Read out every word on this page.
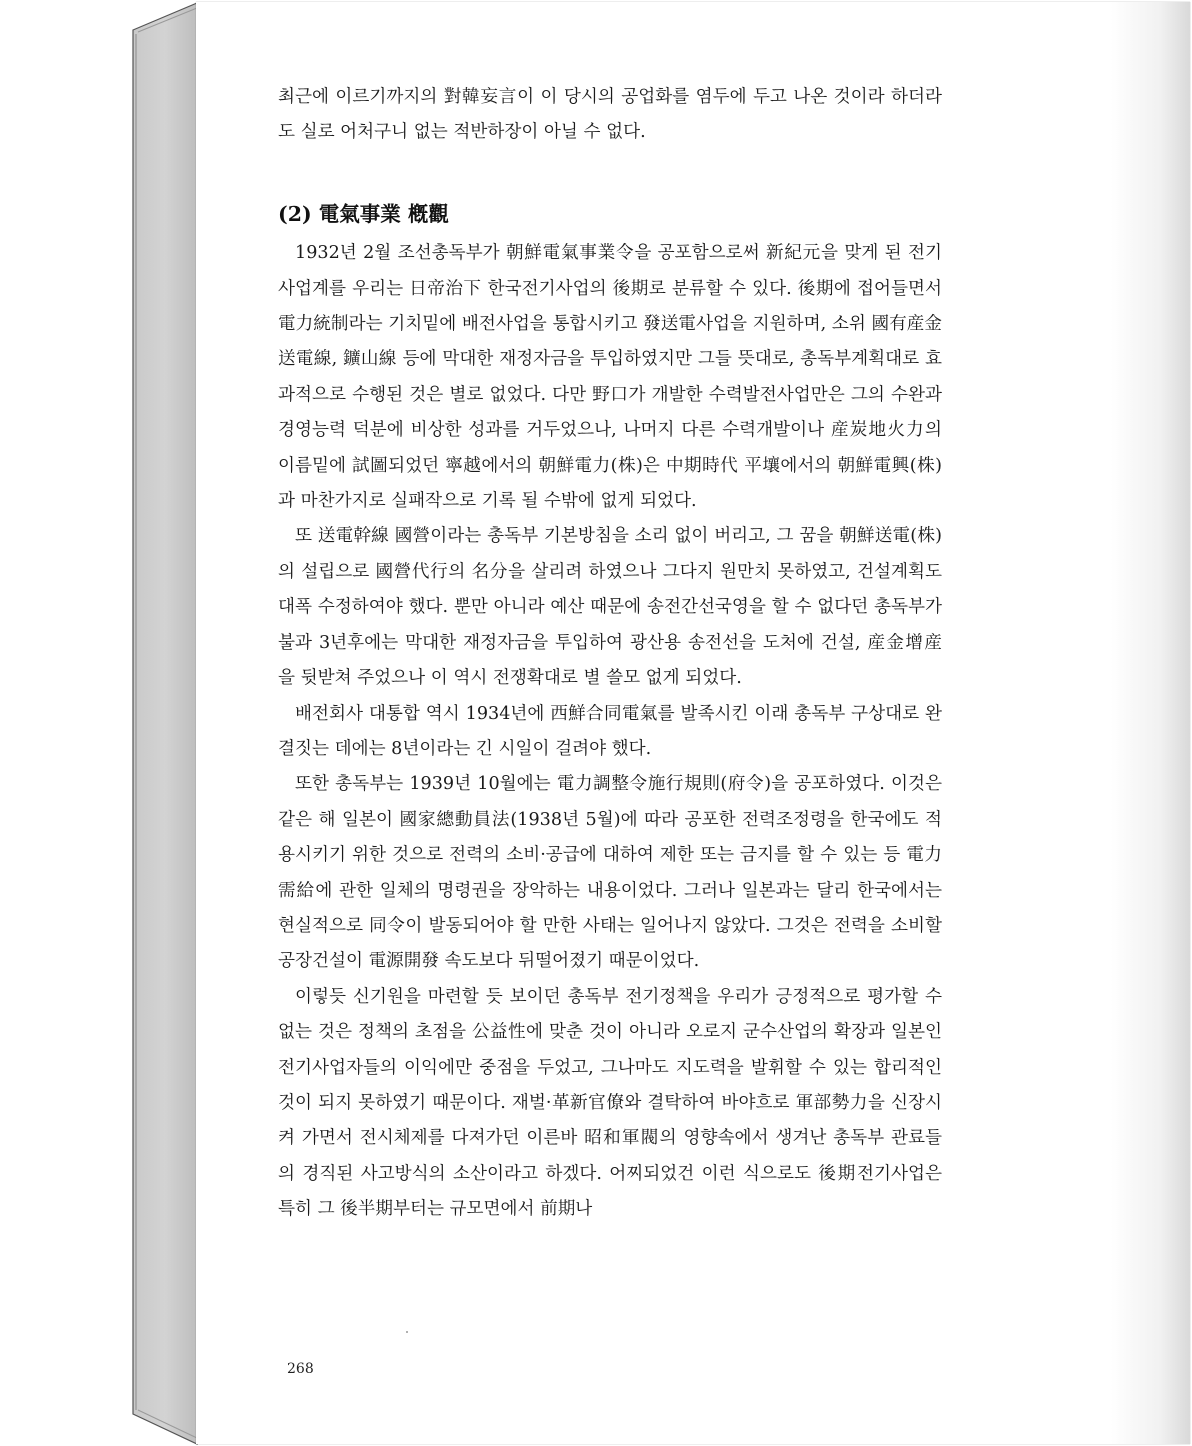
최근에 이르기까지의 對韓妄言이 이 당시의 공업화를 염두에 두고 나온 것이라 하더라도 실로 어처구니 없는 적반하장이 아닐 수 없다.

(2) 電氣事業 槪觀

1932년 2월 조선총독부가 朝鮮電氣事業令을 공포함으로써 新紀元을 맞게 된 전기사업계를 우리는 日帝治下 한국전기사업의 後期로 분류할 수 있다. 後期에 접어들면서 電力統制라는 기치밑에 배전사업을 통합시키고 發送電사업을 지원하며, 소위 國有産金送電線, 鑛山線 등에 막대한 재정자금을 투입하였지만 그들 뜻대로, 총독부계획대로 효과적으로 수행된 것은 별로 없었다. 다만 野口가 개발한 수력발전사업만은 그의 수완과 경영능력 덕분에 비상한 성과를 거두었으나, 나머지 다른 수력개발이나 産炭地火力의 이름밑에 試圖되었던 寧越에서의 朝鮮電力(株)은 中期時代 平壤에서의 朝鮮電興(株)과 마찬가지로 실패작으로 기록 될 수밖에 없게 되었다.

또 送電幹線 國營이라는 총독부 기본방침을 소리 없이 버리고, 그 꿈을 朝鮮送電(株)의 설립으로 國營代行의 名分을 살리려 하였으나 그다지 원만치 못하였고, 건설계획도 대폭 수정하여야 했다. 뿐만 아니라 예산 때문에 송전간선국영을 할 수 없다던 총독부가 불과 3년후에는 막대한 재정자금을 투입하여 광산용 송전선을 도처에 건설, 産金增産을 뒷받쳐 주었으나 이 역시 전쟁확대로 별 쓸모 없게 되었다.

배전회사 대통합 역시 1934년에 西鮮合同電氣를 발족시킨 이래 총독부 구상대로 완결짓는 데에는 8년이라는 긴 시일이 걸려야 했다.

또한 총독부는 1939년 10월에는 電力調整令施行規則(府令)을 공포하였다. 이것은 같은 해 일본이 國家總動員法(1938년 5월)에 따라 공포한 전력조정령을 한국에도 적용시키기 위한 것으로 전력의 소비·공급에 대하여 제한 또는 금지를 할 수 있는 등 電力需給에 관한 일체의 명령권을 장악하는 내용이었다. 그러나 일본과는 달리 한국에서는 현실적으로 同令이 발동되어야 할 만한 사태는 일어나지 않았다. 그것은 전력을 소비할 공장건설이 電源開發 속도보다 뒤떨어졌기 때문이었다.

이렇듯 신기원을 마련할 듯 보이던 총독부 전기정책을 우리가 긍정적으로 평가할 수 없는 것은 정책의 초점을 公益性에 맞춘 것이 아니라 오로지 군수산업의 확장과 일본인 전기사업자들의 이익에만 중점을 두었고, 그나마도 지도력을 발휘할 수 있는 합리적인 것이 되지 못하였기 때문이다. 재벌·革新官僚와 결탁하여 바야흐로 軍部勢力을 신장시켜 가면서 전시체제를 다져가던 이른바 昭和軍閥의 영향속에서 생겨난 총독부 관료들의 경직된 사고방식의 소산이라고 하겠다. 어찌되었건 이런 식으로도 後期전기사업은 특히 그 後半期부터는 규모면에서 前期나

268
